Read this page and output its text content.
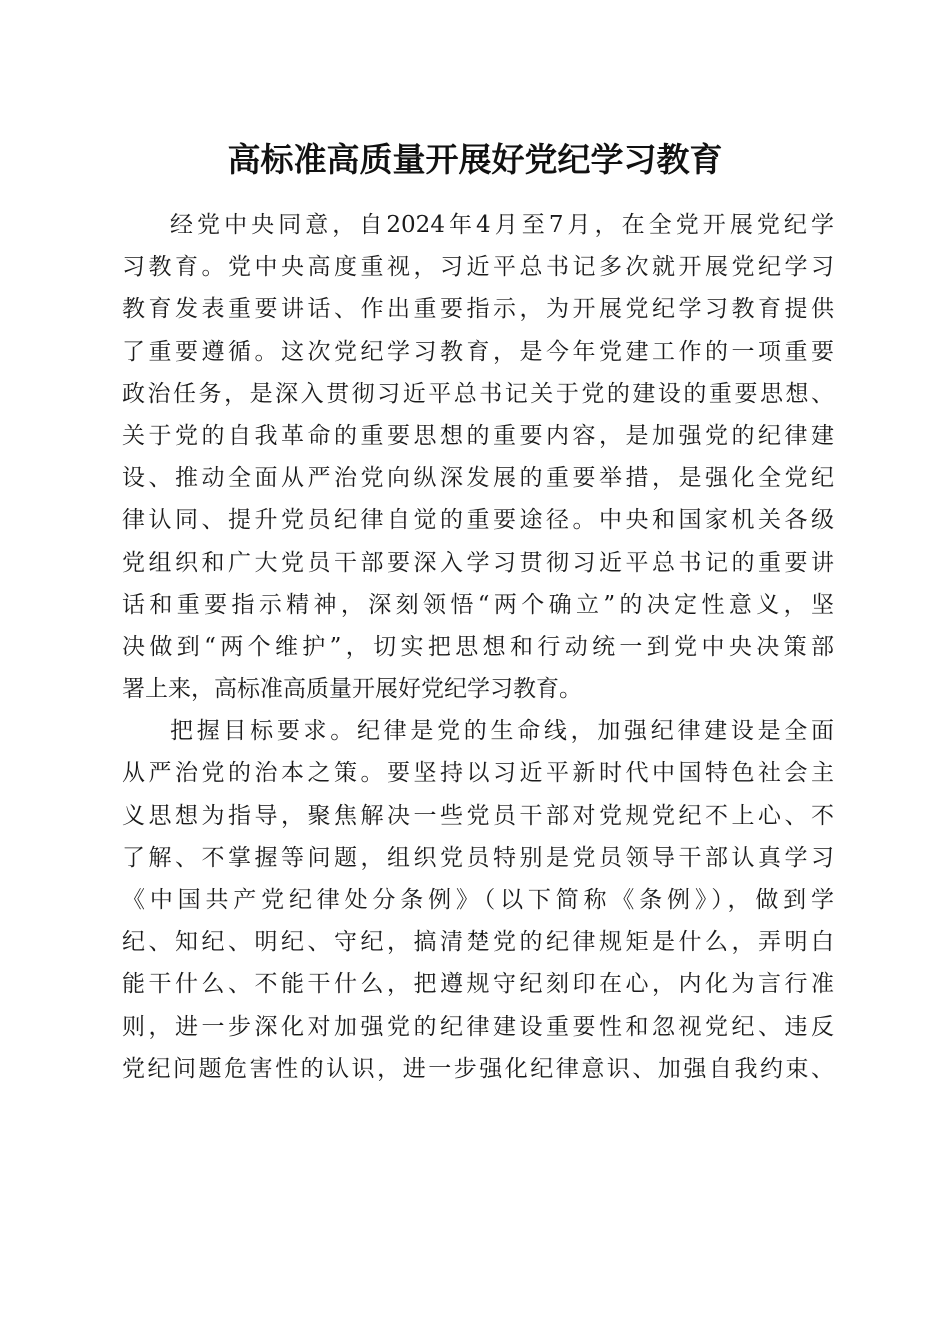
高标准高质量开展好党纪学习教育
经党中央同意，自2024年4月至7月，在全党开展党纪学
习教育。党中央高度重视，习近平总书记多次就开展党纪学习
教育发表重要讲话、作出重要指示，为开展党纪学习教育提供
了重要遵循。这次党纪学习教育，是今年党建工作的一项重要
政治任务，是深入贯彻习近平总书记关于党的建设的重要思想、
关于党的自我革命的重要思想的重要内容，是加强党的纪律建
设、推动全面从严治党向纵深发展的重要举措，是强化全党纪
律认同、提升党员纪律自觉的重要途径。中央和国家机关各级
党组织和广大党员干部要深入学习贯彻习近平总书记的重要讲
话和重要指示精神，深刻领悟“两个确立”的决定性意义，坚
决做到“两个维护”，切实把思想和行动统一到党中央决策部
署上来，高标准高质量开展好党纪学习教育。
把握目标要求。纪律是党的生命线，加强纪律建设是全面
从严治党的治本之策。要坚持以习近平新时代中国特色社会主
义思想为指导，聚焦解决一些党员干部对党规党纪不上心、不
了解、不掌握等问题，组织党员特别是党员领导干部认真学习
《中国共产党纪律处分条例》（以下简称《条例》），做到学
纪、知纪、明纪、守纪，搞清楚党的纪律规矩是什么，弄明白
能干什么、不能干什么，把遵规守纪刻印在心，内化为言行准
则，进一步深化对加强党的纪律建设重要性和忽视党纪、违反
党纪问题危害性的认识，进一步强化纪律意识、加强自我约束、
